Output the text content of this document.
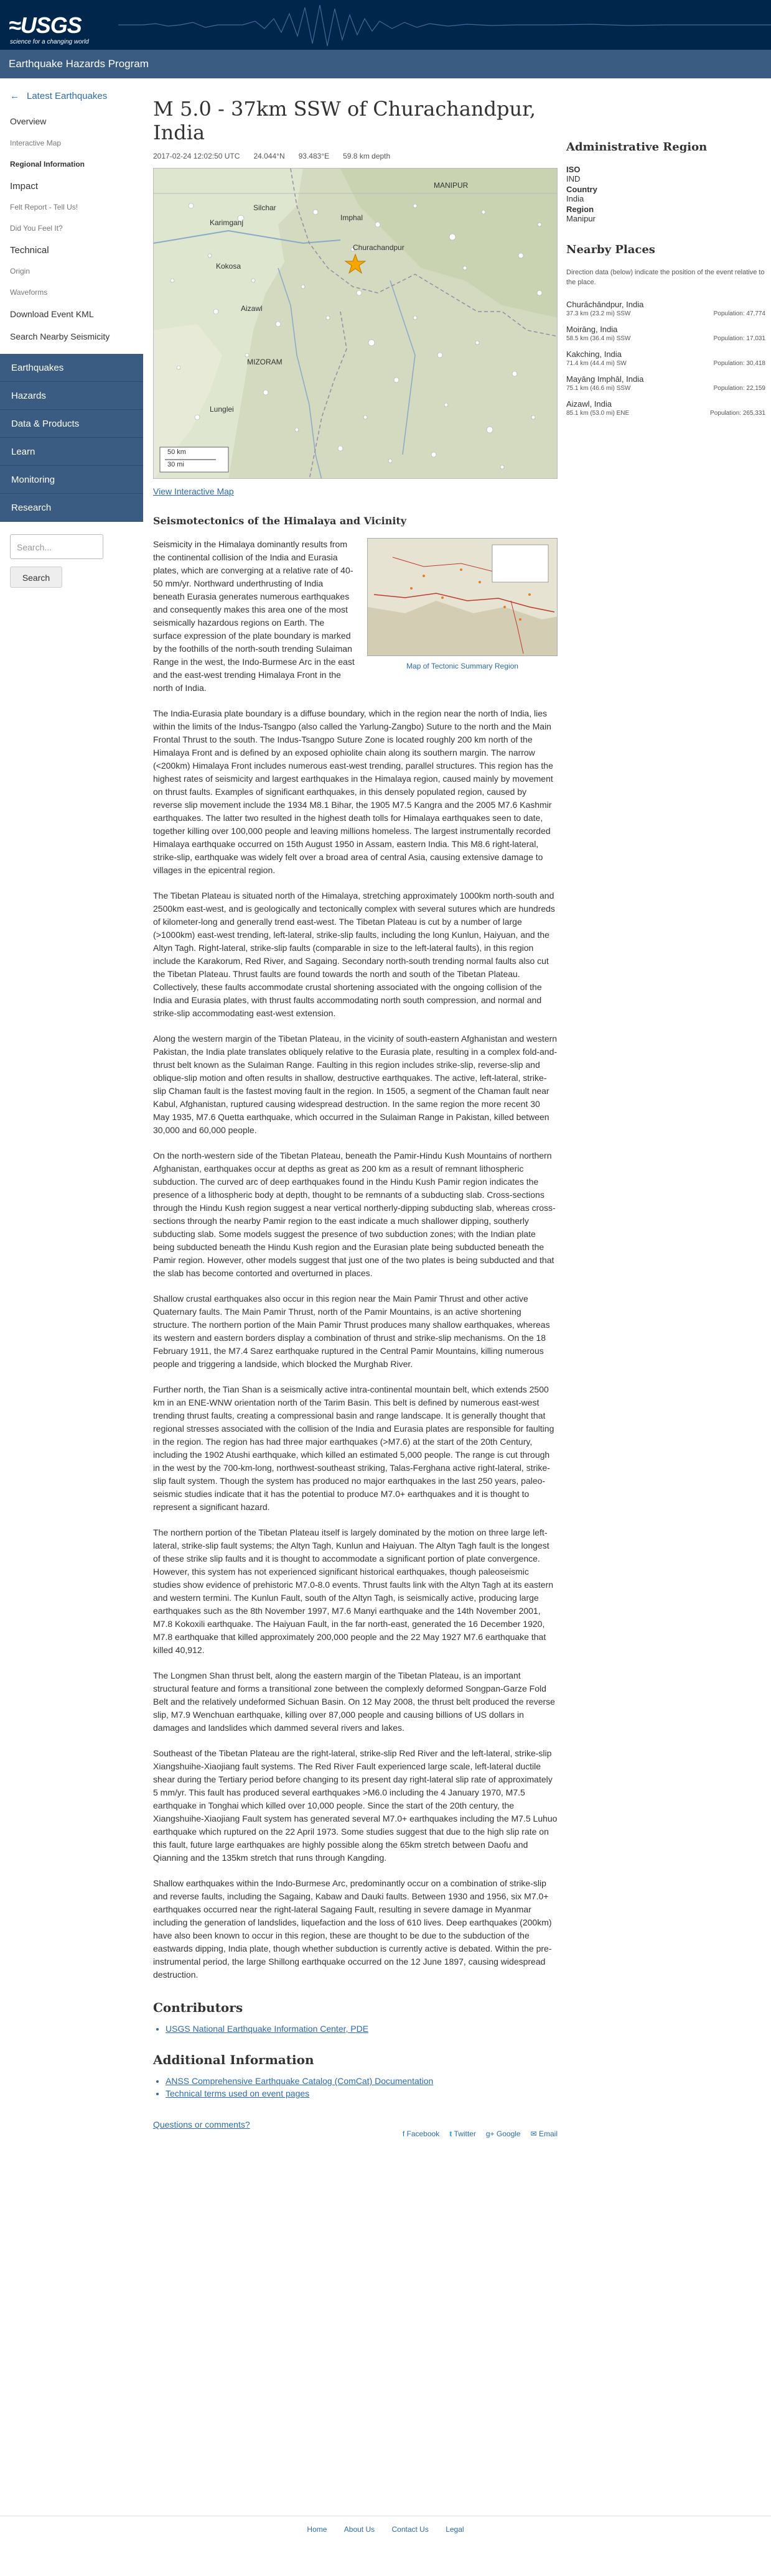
≈USGS
science for a changing world
Earthquake Hazards Program
← Latest Earthquakes
Overview
Interactive Map
Regional Information
Impact
Felt Report - Tell Us!
Did You Feel It?
Technical
Origin
Waveforms
Download Event KML
Search Nearby Seismicity
Earthquakes
Hazards
Data & Products
Learn
Monitoring
Research
Search...
Search
M 5.0 - 37km SSW of Churachandpur, India
2017-02-24 12:02:50 UTC 24.044°N 93.483°E 59.8 km depth
MANIPUR
Silchar
Imphal
Churachandpur
Aizawl
MIZORAM
Kokosa
Karimganj
Lunglei
50 km
30 mi
View Interactive Map
Seismotectonics of the Himalaya and Vicinity
Map of Tectonic Summary Region

Seismicity in the Himalaya dominantly results from the continental collision of the India and Eurasia plates, which are converging at a relative rate of 40-50 mm/yr. Northward underthrusting of India beneath Eurasia generates numerous earthquakes and consequently makes this area one of the most seismically hazardous regions on Earth. The surface expression of the plate boundary is marked by the foothills of the north-south trending Sulaiman Range in the west, the Indo-Burmese Arc in the east and the east-west trending Himalaya Front in the north of India.

The India-Eurasia plate boundary is a diffuse boundary, which in the region near the north of India, lies within the limits of the Indus-Tsangpo (also called the Yarlung-Zangbo) Suture to the north and the Main Frontal Thrust to the south. The Indus-Tsangpo Suture Zone is located roughly 200 km north of the Himalaya Front and is defined by an exposed ophiolite chain along its southern margin. The narrow (<200km) Himalaya Front includes numerous east-west trending, parallel structures. This region has the highest rates of seismicity and largest earthquakes in the Himalaya region, caused mainly by movement on thrust faults. Examples of significant earthquakes, in this densely populated region, caused by reverse slip movement include the 1934 M8.1 Bihar, the 1905 M7.5 Kangra and the 2005 M7.6 Kashmir earthquakes. The latter two resulted in the highest death tolls for Himalaya earthquakes seen to date, together killing over 100,000 people and leaving millions homeless. The largest instrumentally recorded Himalaya earthquake occurred on 15th August 1950 in Assam, eastern India. This M8.6 right-lateral, strike-slip, earthquake was widely felt over a broad area of central Asia, causing extensive damage to villages in the epicentral region.

The Tibetan Plateau is situated north of the Himalaya, stretching approximately 1000km north-south and 2500km east-west, and is geologically and tectonically complex with several sutures which are hundreds of kilometer-long and generally trend east-west. The Tibetan Plateau is cut by a number of large (>1000km) east-west trending, left-lateral, strike-slip faults, including the long Kunlun, Haiyuan, and the Altyn Tagh. Right-lateral, strike-slip faults (comparable in size to the left-lateral faults), in this region include the Karakorum, Red River, and Sagaing. Secondary north-south trending normal faults also cut the Tibetan Plateau. Thrust faults are found towards the north and south of the Tibetan Plateau. Collectively, these faults accommodate crustal shortening associated with the ongoing collision of the India and Eurasia plates, with thrust faults accommodating north south compression, and normal and strike-slip accommodating east-west extension.

Along the western margin of the Tibetan Plateau, in the vicinity of south-eastern Afghanistan and western Pakistan, the India plate translates obliquely relative to the Eurasia plate, resulting in a complex fold-and-thrust belt known as the Sulaiman Range. Faulting in this region includes strike-slip, reverse-slip and oblique-slip motion and often results in shallow, destructive earthquakes. The active, left-lateral, strike-slip Chaman fault is the fastest moving fault in the region. In 1505, a segment of the Chaman fault near Kabul, Afghanistan, ruptured causing widespread destruction. In the same region the more recent 30 May 1935, M7.6 Quetta earthquake, which occurred in the Sulaiman Range in Pakistan, killed between 30,000 and 60,000 people.

On the north-western side of the Tibetan Plateau, beneath the Pamir-Hindu Kush Mountains of northern Afghanistan, earthquakes occur at depths as great as 200 km as a result of remnant lithospheric subduction. The curved arc of deep earthquakes found in the Hindu Kush Pamir region indicates the presence of a lithospheric body at depth, thought to be remnants of a subducting slab. Cross-sections through the Hindu Kush region suggest a near vertical northerly-dipping subducting slab, whereas cross-sections through the nearby Pamir region to the east indicate a much shallower dipping, southerly subducting slab. Some models suggest the presence of two subduction zones; with the Indian plate being subducted beneath the Hindu Kush region and the Eurasian plate being subducted beneath the Pamir region. However, other models suggest that just one of the two plates is being subducted and that the slab has become contorted and overturned in places.

Shallow crustal earthquakes also occur in this region near the Main Pamir Thrust and other active Quaternary faults. The Main Pamir Thrust, north of the Pamir Mountains, is an active shortening structure. The northern portion of the Main Pamir Thrust produces many shallow earthquakes, whereas its western and eastern borders display a combination of thrust and strike-slip mechanisms. On the 18 February 1911, the M7.4 Sarez earthquake ruptured in the Central Pamir Mountains, killing numerous people and triggering a landside, which blocked the Murghab River.

Further north, the Tian Shan is a seismically active intra-continental mountain belt, which extends 2500 km in an ENE-WNW orientation north of the Tarim Basin. This belt is defined by numerous east-west trending thrust faults, creating a compressional basin and range landscape. It is generally thought that regional stresses associated with the collision of the India and Eurasia plates are responsible for faulting in the region. The region has had three major earthquakes (>M7.6) at the start of the 20th Century, including the 1902 Atushi earthquake, which killed an estimated 5,000 people. The range is cut through in the west by the 700-km-long, northwest-southeast striking, Talas-Ferghana active right-lateral, strike-slip fault system. Though the system has produced no major earthquakes in the last 250 years, paleo-seismic studies indicate that it has the potential to produce M7.0+ earthquakes and it is thought to represent a significant hazard.

The northern portion of the Tibetan Plateau itself is largely dominated by the motion on three large left-lateral, strike-slip fault systems; the Altyn Tagh, Kunlun and Haiyuan. The Altyn Tagh fault is the longest of these strike slip faults and it is thought to accommodate a significant portion of plate convergence. However, this system has not experienced significant historical earthquakes, though paleoseismic studies show evidence of prehistoric M7.0-8.0 events. Thrust faults link with the Altyn Tagh at its eastern and western termini. The Kunlun Fault, south of the Altyn Tagh, is seismically active, producing large earthquakes such as the 8th November 1997, M7.6 Manyi earthquake and the 14th November 2001, M7.8 Kokoxili earthquake. The Haiyuan Fault, in the far north-east, generated the 16 December 1920, M7.8 earthquake that killed approximately 200,000 people and the 22 May 1927 M7.6 earthquake that killed 40,912.

The Longmen Shan thrust belt, along the eastern margin of the Tibetan Plateau, is an important structural feature and forms a transitional zone between the complexly deformed Songpan-Garze Fold Belt and the relatively undeformed Sichuan Basin. On 12 May 2008, the thrust belt produced the reverse slip, M7.9 Wenchuan earthquake, killing over 87,000 people and causing billions of US dollars in damages and landslides which dammed several rivers and lakes.

Southeast of the Tibetan Plateau are the right-lateral, strike-slip Red River and the left-lateral, strike-slip Xiangshuihe-Xiaojiang fault systems. The Red River Fault experienced large scale, left-lateral ductile shear during the Tertiary period before changing to its present day right-lateral slip rate of approximately 5 mm/yr. This fault has produced several earthquakes >M6.0 including the 4 January 1970, M7.5 earthquake in Tonghai which killed over 10,000 people. Since the start of the 20th century, the Xiangshuihe-Xiaojiang Fault system has generated several M7.0+ earthquakes including the M7.5 Luhuo earthquake which ruptured on the 22 April 1973. Some studies suggest that due to the high slip rate on this fault, future large earthquakes are highly possible along the 65km stretch between Daofu and Qianning and the 135km stretch that runs through Kangding.

Shallow earthquakes within the Indo-Burmese Arc, predominantly occur on a combination of strike-slip and reverse faults, including the Sagaing, Kabaw and Dauki faults. Between 1930 and 1956, six M7.0+ earthquakes occurred near the right-lateral Sagaing Fault, resulting in severe damage in Myanmar including the generation of landslides, liquefaction and the loss of 610 lives. Deep earthquakes (200km) have also been known to occur in this region, these are thought to be due to the subduction of the eastwards dipping, India plate, though whether subduction is currently active is debated. Within the pre-instrumental period, the large Shillong earthquake occurred on the 12 June 1897, causing widespread destruction.

Contributors
• USGS National Earthquake Information Center, PDE
Additional Information
• ANSS Comprehensive Earthquake Catalog (ComCat) Documentation
• Technical terms used on event pages
Questions or comments?
f Facebook t Twitter g+ Google ✉ Email
Administrative Region
ISO
IND
Country
India
Region
Manipur
Nearby Places
Direction data (below) indicate the position of the event relative to the place.
Churāchāndpur, India
37.3 km (23.2 mi) SSW	Population: 47,774
Moirāng, India
58.5 km (36.4 mi) SSW	Population: 17,031
Kakching, India
71.4 km (44.4 mi) SW	Population: 30,418
Mayāng Imphāl, India
75.1 km (46.6 mi) SSW	Population: 22,159
Aizawl, India
85.1 km (53.0 mi) ENE	Population: 265,331
Home About Us Contact Us Legal
